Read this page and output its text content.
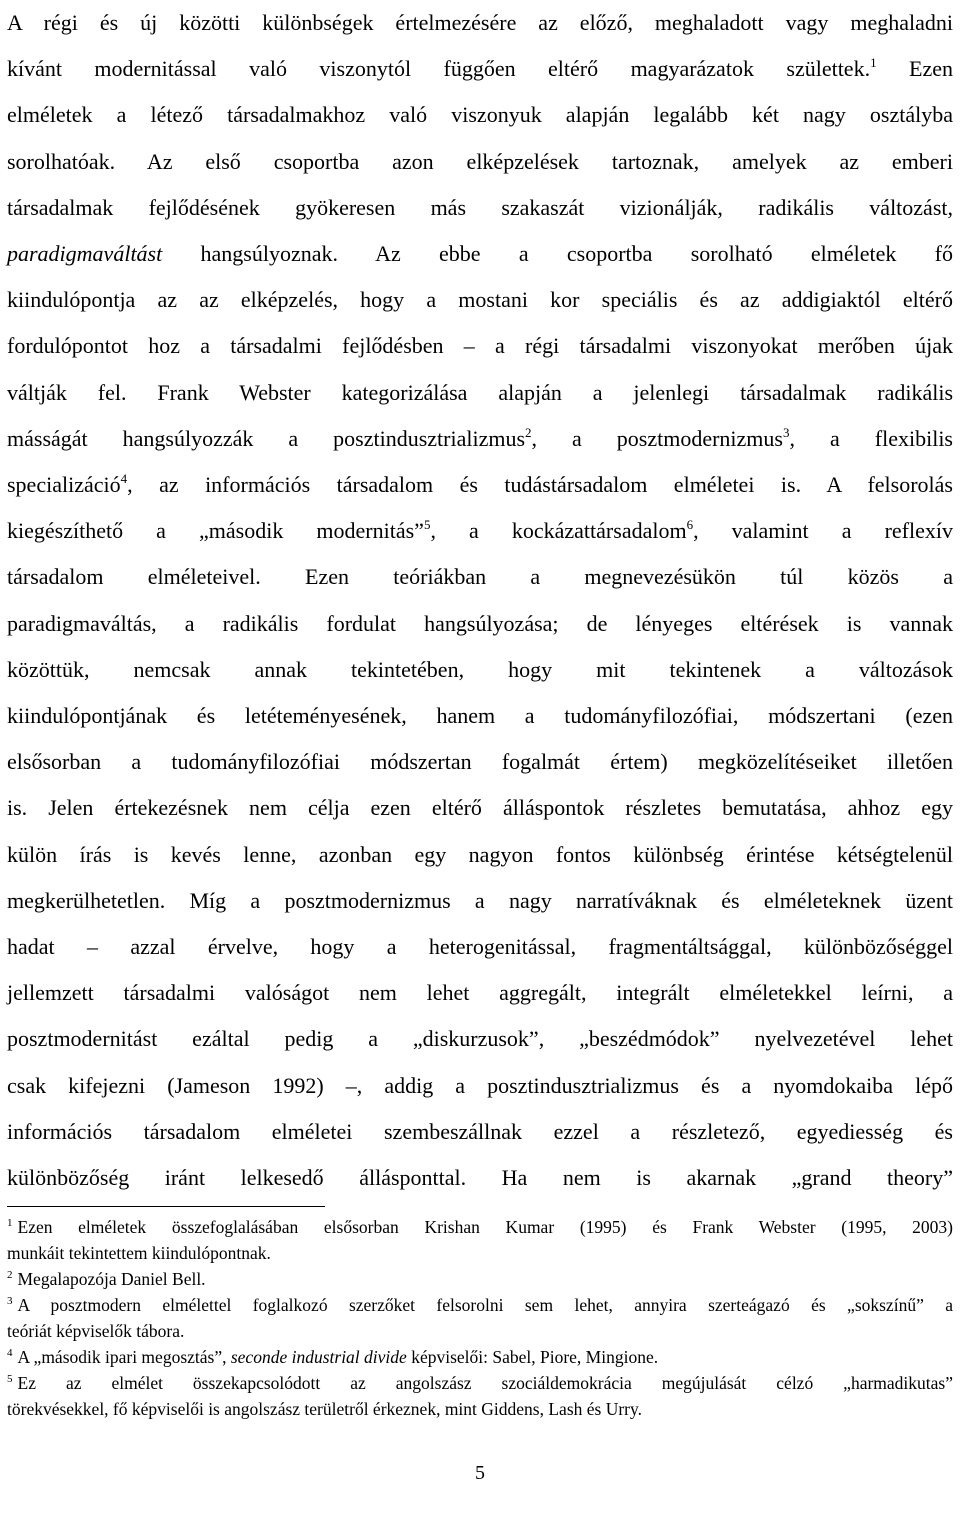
A régi és új közötti különbségek értelmezésére az előző, meghaladott vagy meghaladni

kívánt modernitással való viszonytól függően eltérő magyarázatok születtek.$^1$ Ezen

elméletek a létező társadalmakhoz való viszonyuk alapján legalább két nagy osztályba

sorolhatóak. Az első csoportba azon elképzelések tartoznak, amelyek az emberi

társadalmak fejlődésének gyökeresen más szakaszát vizionálják, radikális változást,

paradigmaváltást hangsúlyoznak. Az ebbe a csoportba sorolható elméletek fő

kiindulópontja az az elképzelés, hogy a mostani kor speciális és az addigiaktól eltérő

fordulópontot hoz a társadalmi fejlődésben – a régi társadalmi viszonyokat merőben újak

váltják fel. Frank Webster kategorizálása alapján a jelenlegi társadalmak radikális

másságát hangsúlyozzák a posztindusztrializmus$^2$, a posztmodernizmus$^3$, a flexibilis

specializáció$^4$, az információs társadalom és tudástársadalom elméletei is. A felsorolás

kiegészíthető a „második modernitás”$^5$, a kockázattársadalom$^6$, valamint a reflexív

társadalom elméleteivel. Ezen teóriákban a megnevezésükön túl közös a

paradigmaváltás, a radikális fordulat hangsúlyozása; de lényeges eltérések is vannak

közöttük, nemcsak annak tekintetében, hogy mit tekintenek a változások

kiindulópontjának és letéteményesének, hanem a tudományfilozófiai, módszertani (ezen

elsősorban a tudományfilozófiai módszertan fogalmát értem) megközelítéseiket illetően

is. Jelen értekezésnek nem célja ezen eltérő álláspontok részletes bemutatása, ahhoz egy

külön írás is kevés lenne, azonban egy nagyon fontos különbség érintése kétségtelenül

megkerülhetetlen. Míg a posztmodernizmus a nagy narratíváknak és elméleteknek üzent

hadat – azzal érvelve, hogy a heterogenitással, fragmentáltsággal, különbözőséggel

jellemzett társadalmi valóságot nem lehet aggregált, integrált elméletekkel leírni, a

posztmodernitást ezáltal pedig a „diskurzusok”, „beszédmódok” nyelvezetével lehet

csak kifejezni (Jameson 1992) –, addig a posztindusztrializmus és a nyomdokaiba lépő

információs társadalom elméletei szembeszállnak ezzel a részletező, egyediesség és

különbözőség iránt lelkesedő állásponttal. Ha nem is akarnak „grand theory”

$^1$ Ezen elméletek összefoglalásában elsősorban Krishan Kumar (1995) és Frank Webster (1995, 2003)
munkáit tekintettem kiindulópontnak.
$^2$ Megalapozója Daniel Bell.
$^3$ A posztmodern elmélettel foglalkozó szerzőket felsorolni sem lehet, annyira szerteágazó és „sokszínű” a
teóriát képviselők tábora.
$^4$ A „második ipari megosztás”, seconde industrial divide képviselői: Sabel, Piore, Mingione.
$^5$ Ez az elmélet összekapcsolódott az angolszász szociáldemokrácia megújulását célzó „harmadikutas”
törekvésekkel, fő képviselői is angolszász területről érkeznek, mint Giddens, Lash és Urry.
5
